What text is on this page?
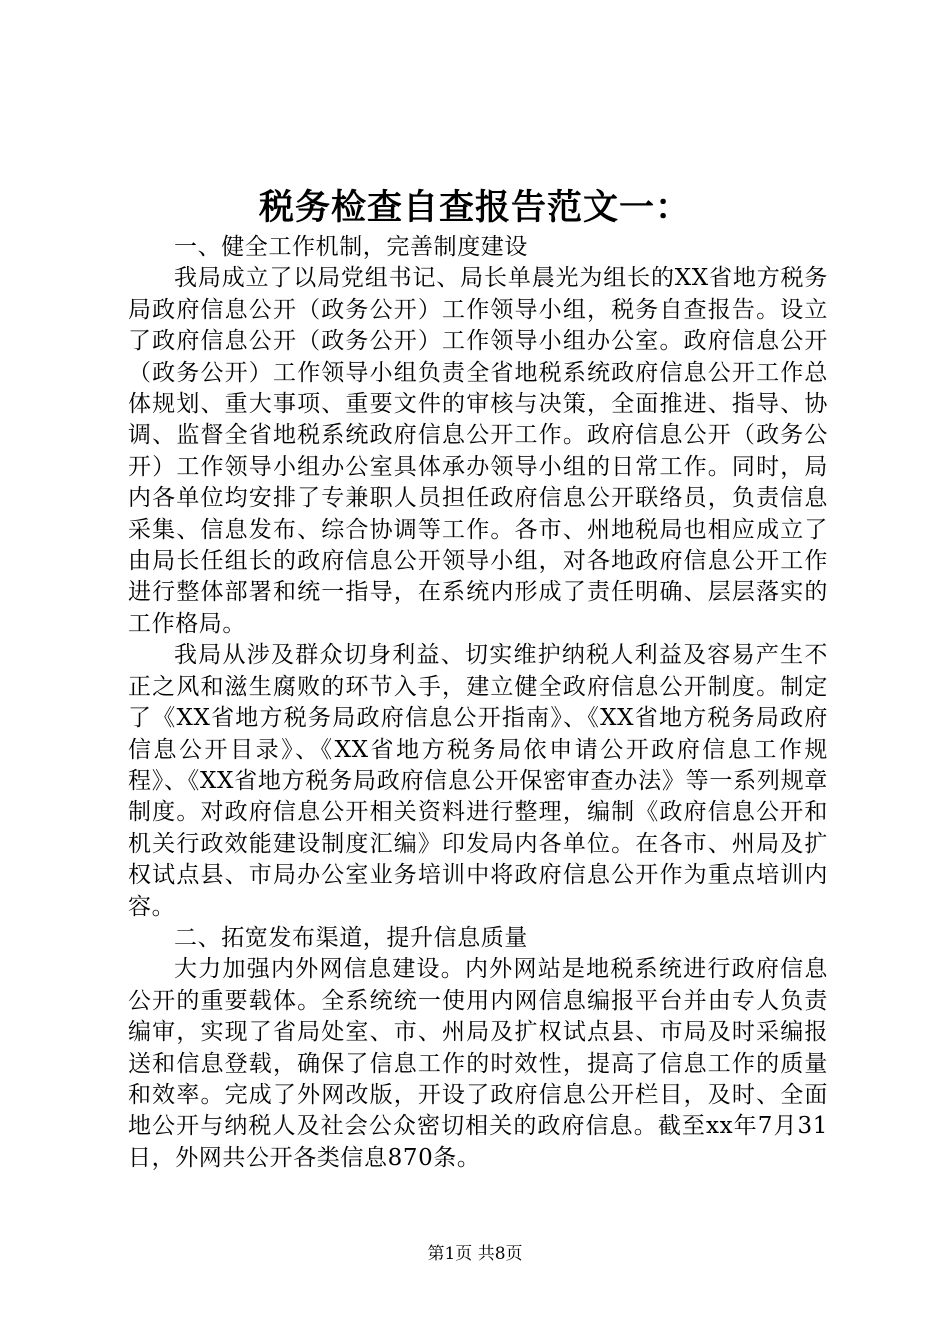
税务检查自查报告范文一：

一、健全工作机制，完善制度建设

我局成立了以局党组书记、局长单晨光为组长的XX省地方税务局政府信息公开（政务公开）工作领导小组，税务自查报告。设立了政府信息公开（政务公开）工作领导小组办公室。政府信息公开（政务公开）工作领导小组负责全省地税系统政府信息公开工作总体规划、重大事项、重要文件的审核与决策，全面推进、指导、协调、监督全省地税系统政府信息公开工作。政府信息公开（政务公开）工作领导小组办公室具体承办领导小组的日常工作。同时，局内各单位均安排了专兼职人员担任政府信息公开联络员，负责信息采集、信息发布、综合协调等工作。各市、州地税局也相应成立了由局长任组长的政府信息公开领导小组，对各地政府信息公开工作进行整体部署和统一指导，在系统内形成了责任明确、层层落实的工作格局。

我局从涉及群众切身利益、切实维护纳税人利益及容易产生不正之风和滋生腐败的环节入手，建立健全政府信息公开制度。制定了《XX省地方税务局政府信息公开指南》、《XX省地方税务局政府信息公开目录》、《XX省地方税务局依申请公开政府信息工作规程》、《XX省地方税务局政府信息公开保密审查办法》等一系列规章制度。对政府信息公开相关资料进行整理，编制《政府信息公开和机关行政效能建设制度汇编》印发局内各单位。在各市、州局及扩权试点县、市局办公室业务培训中将政府信息公开作为重点培训内容。

二、拓宽发布渠道，提升信息质量

大力加强内外网信息建设。内外网站是地税系统进行政府信息公开的重要载体。全系统统一使用内网信息编报平台并由专人负责编审，实现了省局处室、市、州局及扩权试点县、市局及时采编报送和信息登载，确保了信息工作的时效性，提高了信息工作的质量和效率。完成了外网改版，开设了政府信息公开栏目，及时、全面地公开与纳税人及社会公众密切相关的政府信息。截至xx年7月31日，外网共公开各类信息870条。

第1页 共8页
